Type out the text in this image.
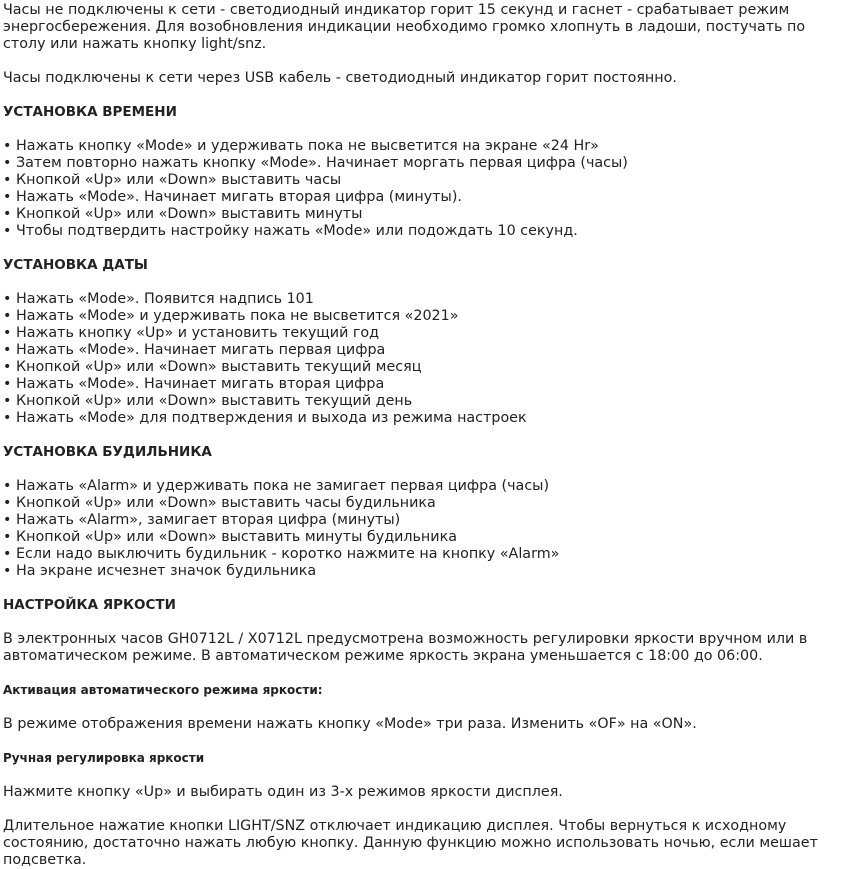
Часы не подключены к сети - светодиодный индикатор горит 15 секунд и гаснет - срабатывает режим энергосбережения. Для возобновления индикации необходимо громко хлопнуть в ладоши, постучать по столу или нажать кнопку light/snz.

Часы подключены к сети через USB кабель - светодиодный индикатор горит постоянно.

УСТАНОВКА ВРЕМЕНИ
• Нажать кнопку «Mode» и удерживать пока не высветится на экране «24 Hr»
• Затем повторно нажать кнопку «Mode». Начинает моргать первая цифра (часы)
• Кнопкой «Up» или «Down» выставить часы
• Нажать «Mode». Начинает мигать вторая цифра (минуты).
• Кнопкой «Up» или «Down» выставить минуты
• Чтобы подтвердить настройку нажать «Mode» или подождать 10 секунд.
УСТАНОВКА ДАТЫ
• Нажать «Mode». Появится надпись 101
• Нажать «Mode» и удерживать пока не высветится «2021»
• Нажать кнопку «Up» и установить текущий год
• Нажать «Mode». Начинает мигать первая цифра
• Кнопкой «Up» или «Down» выставить текущий месяц
• Нажать «Mode». Начинает мигать вторая цифра
• Кнопкой «Up» или «Down» выставить текущий день
• Нажать «Mode» для подтверждения и выхода из режима настроек
УСТАНОВКА БУДИЛЬНИКА
• Нажать «Alarm» и удерживать пока не замигает первая цифра (часы)
• Кнопкой «Up» или «Down» выставить часы будильника
• Нажать «Alarm», замигает вторая цифра (минуты)
• Кнопкой «Up» или «Down» выставить минуты будильника
• Если надо выключить будильник - коротко нажмите на кнопку «Alarm»
• На экране исчезнет значок будильника
НАСТРОЙКА ЯРКОСТИ

В электронных часов GH0712L / X0712L предусмотрена возможность регулировки яркости вручном или в автоматическом режиме. В автоматическом режиме яркость экрана уменьшается с 18:00 до 06:00.

Активация автоматического режима яркости:

В режиме отображения времени нажать кнопку «Mode» три раза. Изменить «OF» на «ON».

Ручная регулировка яркости

Нажмите кнопку «Up» и выбирать один из 3-х режимов яркости дисплея.

Длительное нажатие кнопки LIGHT/SNZ отключает индикацию дисплея. Чтобы вернуться к исходному состоянию, достаточно нажать любую кнопку. Данную функцию можно использовать ночью, если мешает подсветка.
